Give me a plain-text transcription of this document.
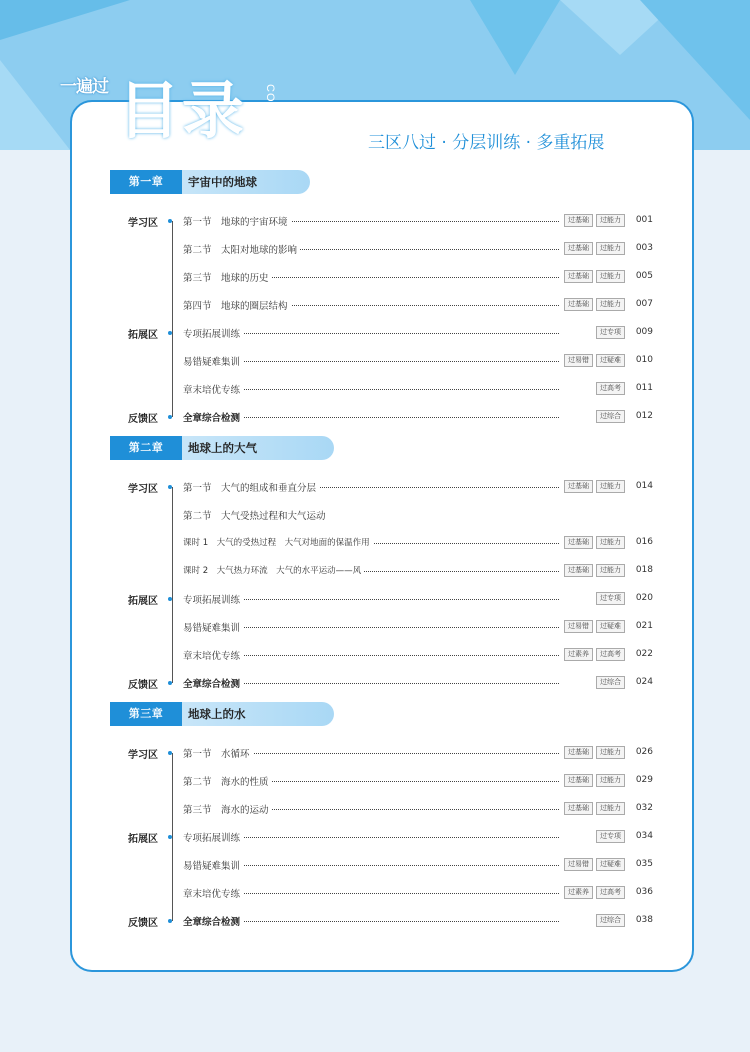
一遍过 目录 CONTENTS	三区八过 · 分层训练 · 多重拓展
第一章	宇宙中的地球
学习区
拓展区
反馈区
第一节　地球的宇宙环境	过基础	过能力	001
第二节　太阳对地球的影响	过基础	过能力	003
第三节　地球的历史	过基础	过能力	005
第四节　地球的圈层结构	过基础	过能力	007
专项拓展训练	过专项	009
易错疑难集训	过易错	过疑难	010
章末培优专练	过高考	011
全章综合检测	过综合	012
第二章	地球上的大气
学习区
拓展区
反馈区
第一节　大气的组成和垂直分层	过基础	过能力	014
第二节　大气受热过程和大气运动
课时 1　大气的受热过程　大气对地面的保温作用	过基础	过能力	016
课时 2　大气热力环流　大气的水平运动——风	过基础	过能力	018
专项拓展训练	过专项	020
易错疑难集训	过易错	过疑难	021
章末培优专练	过素养	过高考	022
全章综合检测	过综合	024
第三章	地球上的水
学习区
拓展区
反馈区
第一节　水循环	过基础	过能力	026
第二节　海水的性质	过基础	过能力	029
第三节　海水的运动	过基础	过能力	032
专项拓展训练	过专项	034
易错疑难集训	过易错	过疑难	035
章末培优专练	过素养	过高考	036
全章综合检测	过综合	038
